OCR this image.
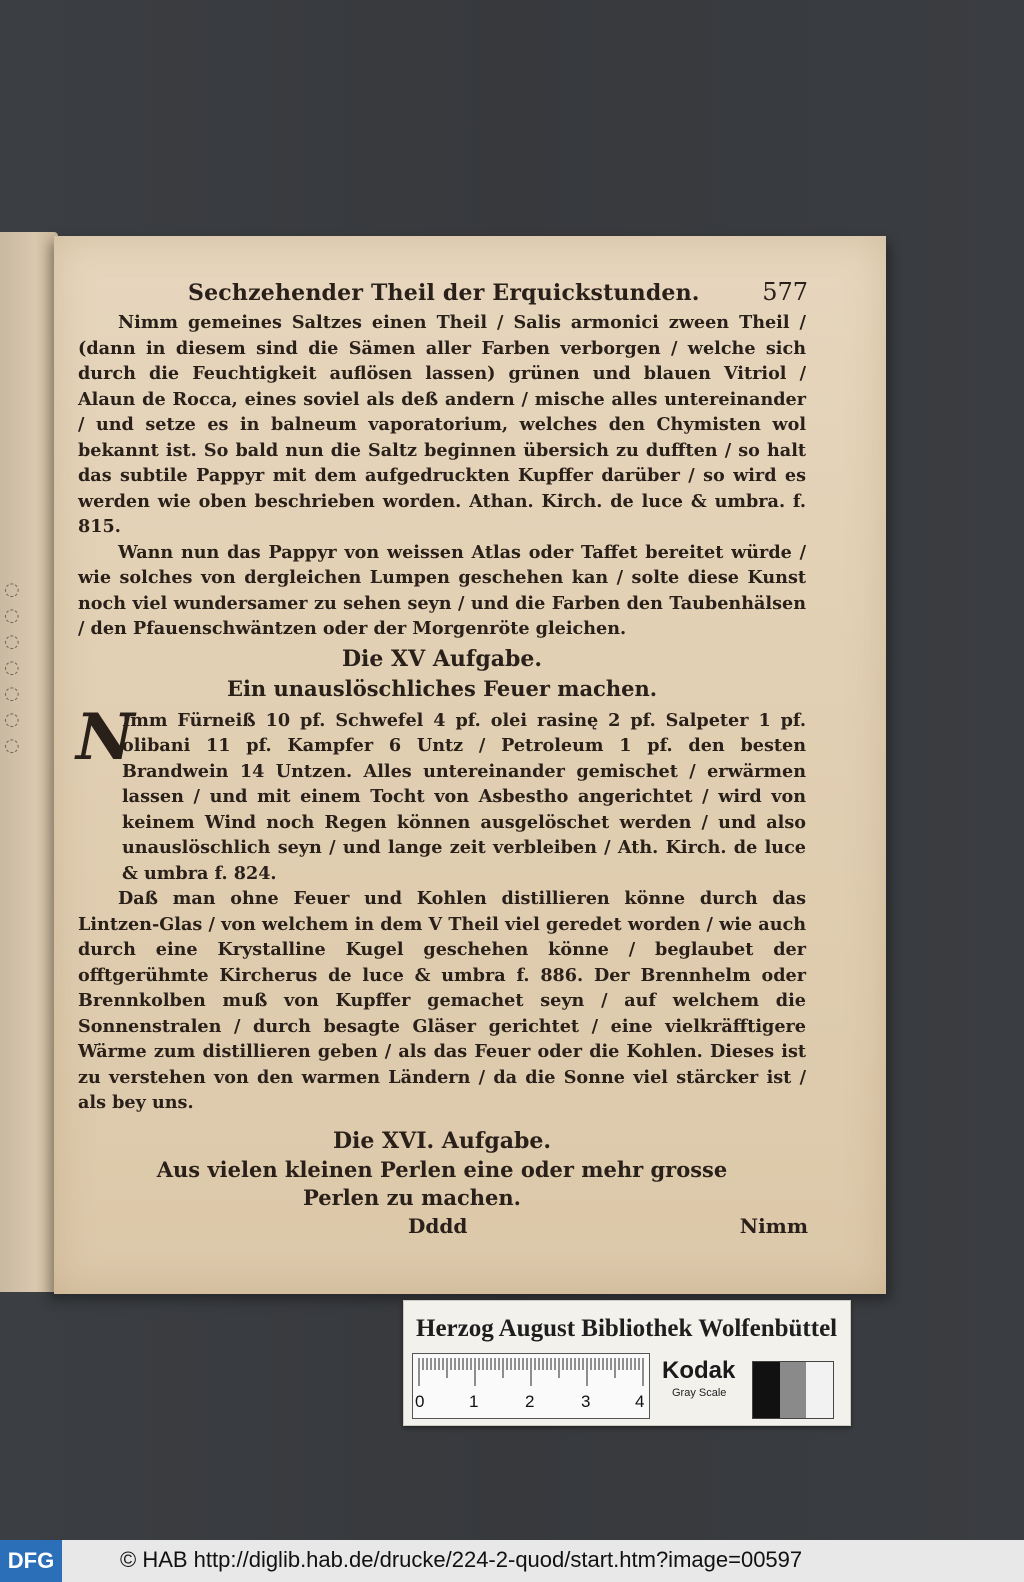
◌
◌
◌
◌
◌
◌
◌
Sechzehender Theil der Erquickstunden.	577

Nimm gemeines Saltzes einen Theil / Salis armonici zween Theil / (dann in diesem sind die Sämen aller Farben verborgen / welche sich durch die Feuchtigkeit auflösen lassen) grünen und blauen Vitriol / Alaun de Rocca, eines soviel als deß andern / mische alles untereinander / und setze es in balneum vaporatorium, welches den Chymisten wol bekannt ist. So bald nun die Saltz beginnen übersich zu dufften / so halt das subtile Pappyr mit dem aufgedruckten Kupffer darüber / so wird es werden wie oben beschrieben worden. Athan. Kirch. de luce & umbra. f. 815.

Wann nun das Pappyr von weissen Atlas oder Taffet bereitet würde / wie solches von dergleichen Lumpen geschehen kan / solte diese Kunst noch viel wundersamer zu sehen seyn / und die Farben den Taubenhälsen / den Pfauenschwäntzen oder der Morgenröte gleichen.

Die XV Aufgabe.
Ein unauslöschliches Feuer machen.
N

Imm Fürneiß 10 pf. Schwefel 4 pf. olei rasinę 2 pf. Salpeter 1 pf. olibani 11 pf. Kampfer 6 Untz / Petroleum 1 pf. den besten Brandwein 14 Untzen. Alles untereinander gemischet / erwärmen lassen / und mit einem Tocht von Asbestho angerichtet / wird von keinem Wind noch Regen können ausgelöschet werden / und also unauslöschlich seyn / und lange zeit verbleiben / Ath. Kirch. de luce & umbra f. 824.

Daß man ohne Feuer und Kohlen distillieren könne durch das Lintzen-Glas / von welchem in dem V Theil viel geredet worden / wie auch durch eine Krystalline Kugel geschehen könne / beglaubet der offtgerühmte Kircherus de luce & umbra f. 886. Der Brennhelm oder Brennkolben muß von Kupffer gemachet seyn / auf welchem die Sonnenstralen / durch besagte Gläser gerichtet / eine vielkräfftigere Wärme zum distillieren geben / als das Feuer oder die Kohlen. Dieses ist zu verstehen von den warmen Ländern / da die Sonne viel stärcker ist / als bey uns.

Die XVI. Aufgabe.
Aus vielen kleinen Perlen eine oder mehr grosse
Perlen zu machen.
Dddd	Nimm
Herzog August Bibliothek Wolfenbüttel
0	1	2	3	4
Kodak
Gray Scale
DFG	© HAB http://diglib.hab.de/drucke/224-2-quod/start.htm?image=00597
